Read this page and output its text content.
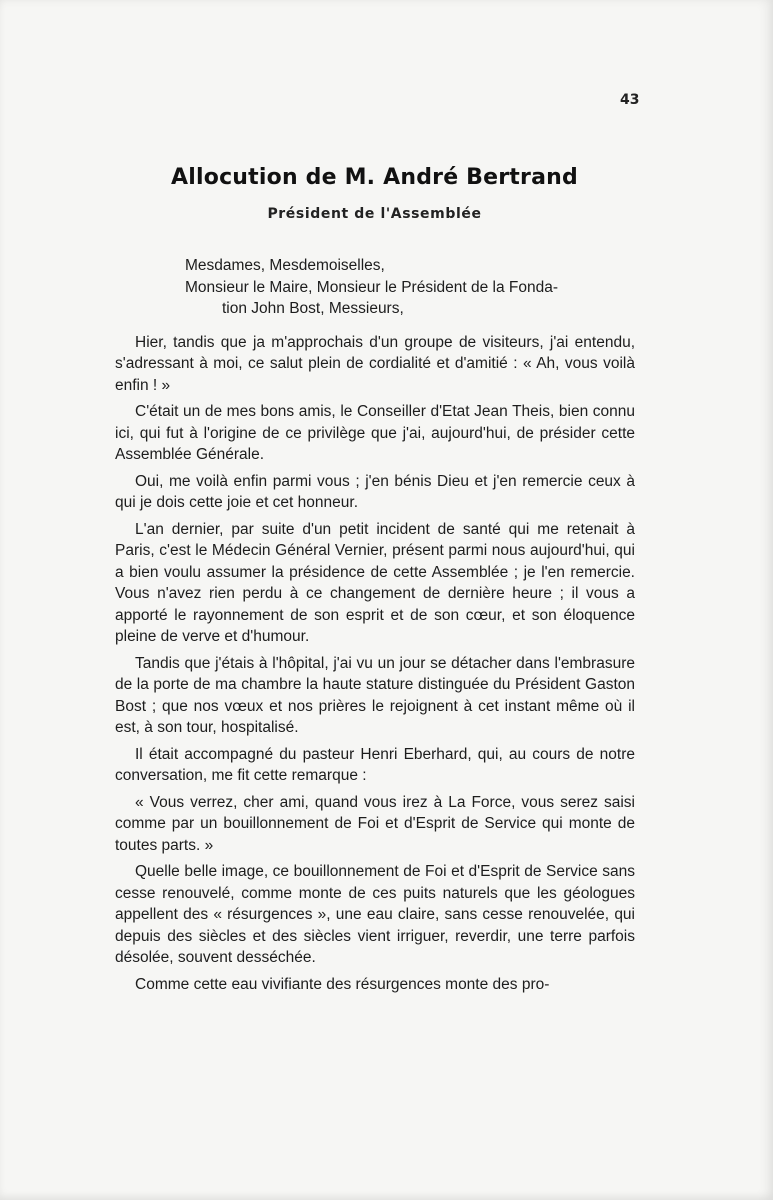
43
Allocution de M. André Bertrand
Président de l'Assemblée
Mesdames, Mesdemoiselles,
Monsieur le Maire, Monsieur le Président de la Fonda-
tion John Bost, Messieurs,

Hier, tandis que ja m'approchais d'un groupe de visiteurs, j'ai entendu, s'adressant à moi, ce salut plein de cordialité et d'amitié : « Ah, vous voilà enfin ! »

C'était un de mes bons amis, le Conseiller d'Etat Jean Theis, bien connu ici, qui fut à l'origine de ce privilège que j'ai, aujourd'hui, de présider cette Assemblée Générale.

Oui, me voilà enfin parmi vous ; j'en bénis Dieu et j'en remercie ceux à qui je dois cette joie et cet honneur.

L'an dernier, par suite d'un petit incident de santé qui me retenait à Paris, c'est le Médecin Général Vernier, présent parmi nous aujourd'hui, qui a bien voulu assumer la présidence de cette Assemblée ; je l'en remercie. Vous n'avez rien perdu à ce changement de dernière heure ; il vous a apporté le rayonnement de son esprit et de son cœur, et son éloquence pleine de verve et d'humour.

Tandis que j'étais à l'hôpital, j'ai vu un jour se détacher dans l'embrasure de la porte de ma chambre la haute stature distinguée du Président Gaston Bost ; que nos vœux et nos prières le rejoignent à cet instant même où il est, à son tour, hospitalisé.

Il était accompagné du pasteur Henri Eberhard, qui, au cours de notre conversation, me fit cette remarque :

« Vous verrez, cher ami, quand vous irez à La Force, vous serez saisi comme par un bouillonnement de Foi et d'Esprit de Service qui monte de toutes parts. »

Quelle belle image, ce bouillonnement de Foi et d'Esprit de Service sans cesse renouvelé, comme monte de ces puits naturels que les géologues appellent des « résurgences », une eau claire, sans cesse renouvelée, qui depuis des siècles et des siècles vient irriguer, reverdir, une terre parfois désolée, souvent desséchée.

Comme cette eau vivifiante des résurgences monte des pro-
